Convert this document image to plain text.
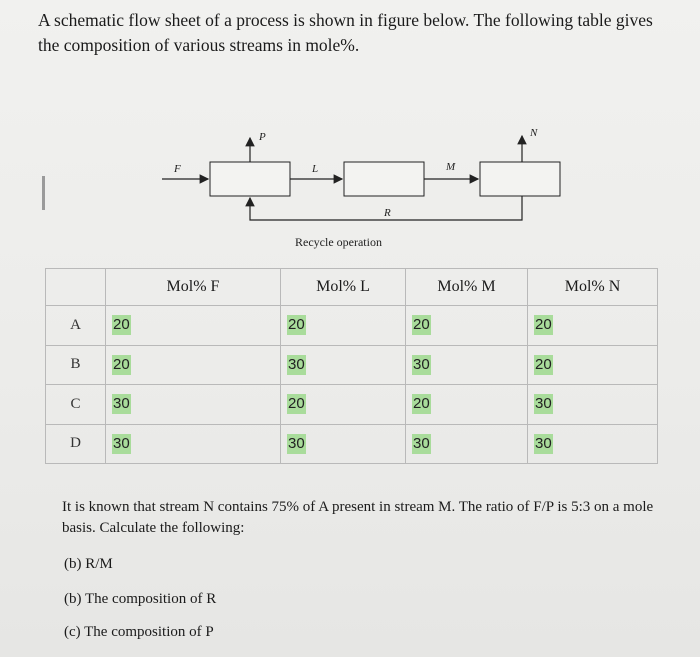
A schematic flow sheet of a process is shown in figure below. The following table gives the composition of various streams in mole%.

F
P
L	M
N
R
Recycle operation
	Mol% F	Mol% L	Mol% M	Mol% N
A	20	20	20	20
B	20	30	30	20
C	30	20	20	30
D	30	30	30	30

It is known that stream N contains 75% of A present in stream M. The ratio of F/P is 5:3 on a mole basis. Calculate the following:

(b) R/M
(b) The composition of R
(c) The composition of P
